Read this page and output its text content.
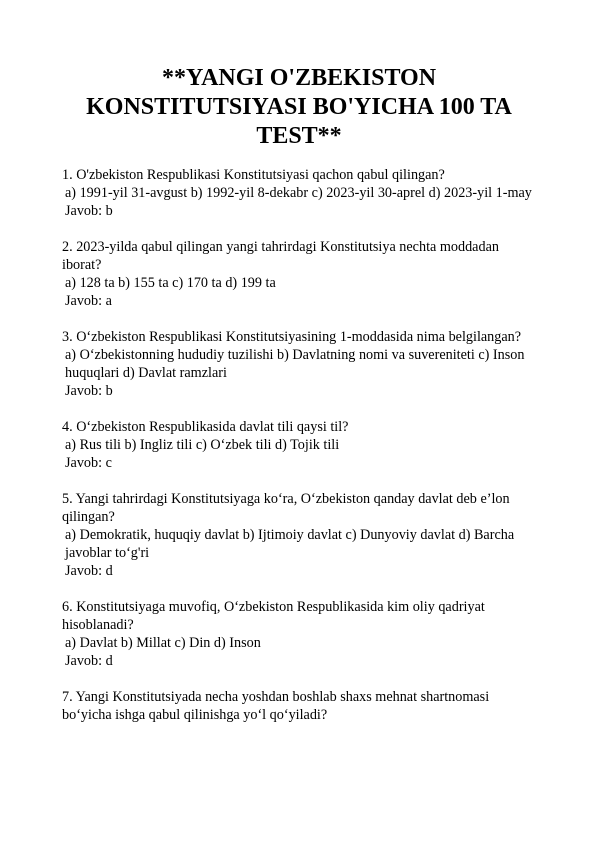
**YANGI O'ZBEKISTON KONSTITUTSIYASI BO'YICHA 100 TA TEST**
1. O'zbekiston Respublikasi Konstitutsiyasi qachon qabul qilingan?
a) 1991-yil 31-avgust b) 1992-yil 8-dekabr c) 2023-yil 30-aprel d) 2023-yil 1-may
Javob: b
2. 2023-yilda qabul qilingan yangi tahrirdagi Konstitutsiya nechta moddadan iborat?
a) 128 ta b) 155 ta c) 170 ta d) 199 ta
Javob: a
3. O‘zbekiston Respublikasi Konstitutsiyasining 1-moddasida nima belgilangan?
a) O‘zbekistonning hududiy tuzilishi b) Davlatning nomi va suvereniteti c) Inson huquqlari d) Davlat ramzlari
Javob: b
4. O‘zbekiston Respublikasida davlat tili qaysi til?
a) Rus tili b) Ingliz tili c) O‘zbek tili d) Tojik tili
Javob: c
5. Yangi tahrirdagi Konstitutsiyaga ko‘ra, O‘zbekiston qanday davlat deb e’lon qilingan?
a) Demokratik, huquqiy davlat b) Ijtimoiy davlat c) Dunyoviy davlat d) Barcha javoblar to‘g'ri
Javob: d
6. Konstitutsiyaga muvofiq, O‘zbekiston Respublikasida kim oliy qadriyat hisoblanadi?
a) Davlat b) Millat c) Din d) Inson
Javob: d
7. Yangi Konstitutsiyada necha yoshdan boshlab shaxs mehnat shartnomasi bo‘yicha ishga qabul qilinishga yo‘l qo‘yiladi?
